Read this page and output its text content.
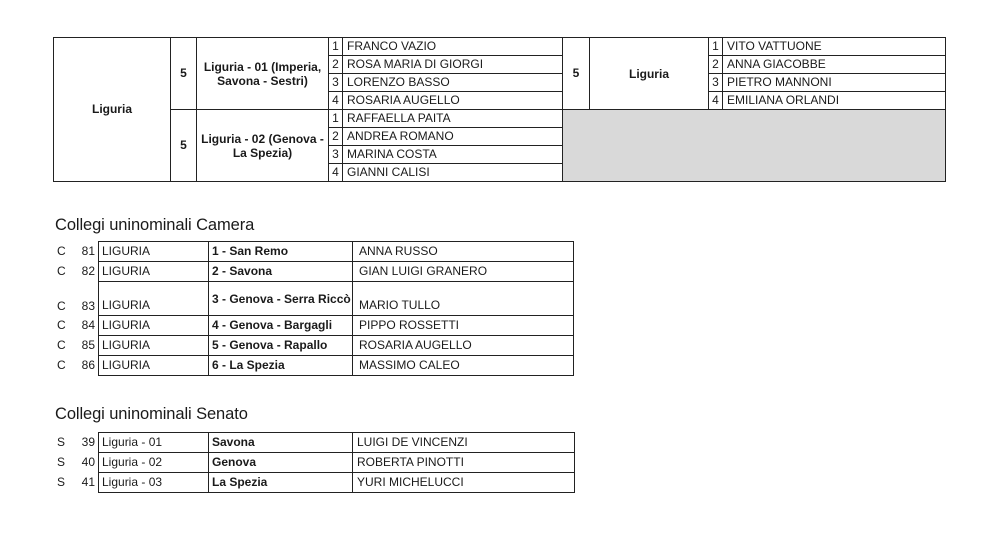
Liguria	5	Liguria - 01 (Imperia, Savona - Sestri)	1	FRANCO VAZIO	5	Liguria	1	VITO VATTUONE
			2	ROSA MARIA DI GIORGI			2	ANNA GIACOBBE
			3	LORENZO BASSO			3	PIETRO MANNONI
			4	ROSARIA AUGELLO			4	EMILIANA ORLANDI
	5	Liguria - 02 (Genova - La Spezia)	1	RAFFAELLA PAITA				
			2	ANDREA ROMANO				
			3	MARINA COSTA				
			4	GIANNI CALISI				
Collegi uninominali Camera
C	81	LIGURIA	1 - San Remo	ANNA RUSSO
C	82	LIGURIA	2 - Savona	GIAN LUIGI GRANERO
C	83	LIGURIA	3 - Genova - Serra Riccò	MARIO TULLO
C	84	LIGURIA	4 - Genova - Bargagli	PIPPO ROSSETTI
C	85	LIGURIA	5 - Genova - Rapallo	ROSARIA AUGELLO
C	86	LIGURIA	6 - La Spezia	MASSIMO CALEO
Collegi uninominali Senato
S	39	Liguria - 01	Savona	LUIGI DE VINCENZI
S	40	Liguria - 02	Genova	ROBERTA PINOTTI
S	41	Liguria - 03	La Spezia	YURI MICHELUCCI
